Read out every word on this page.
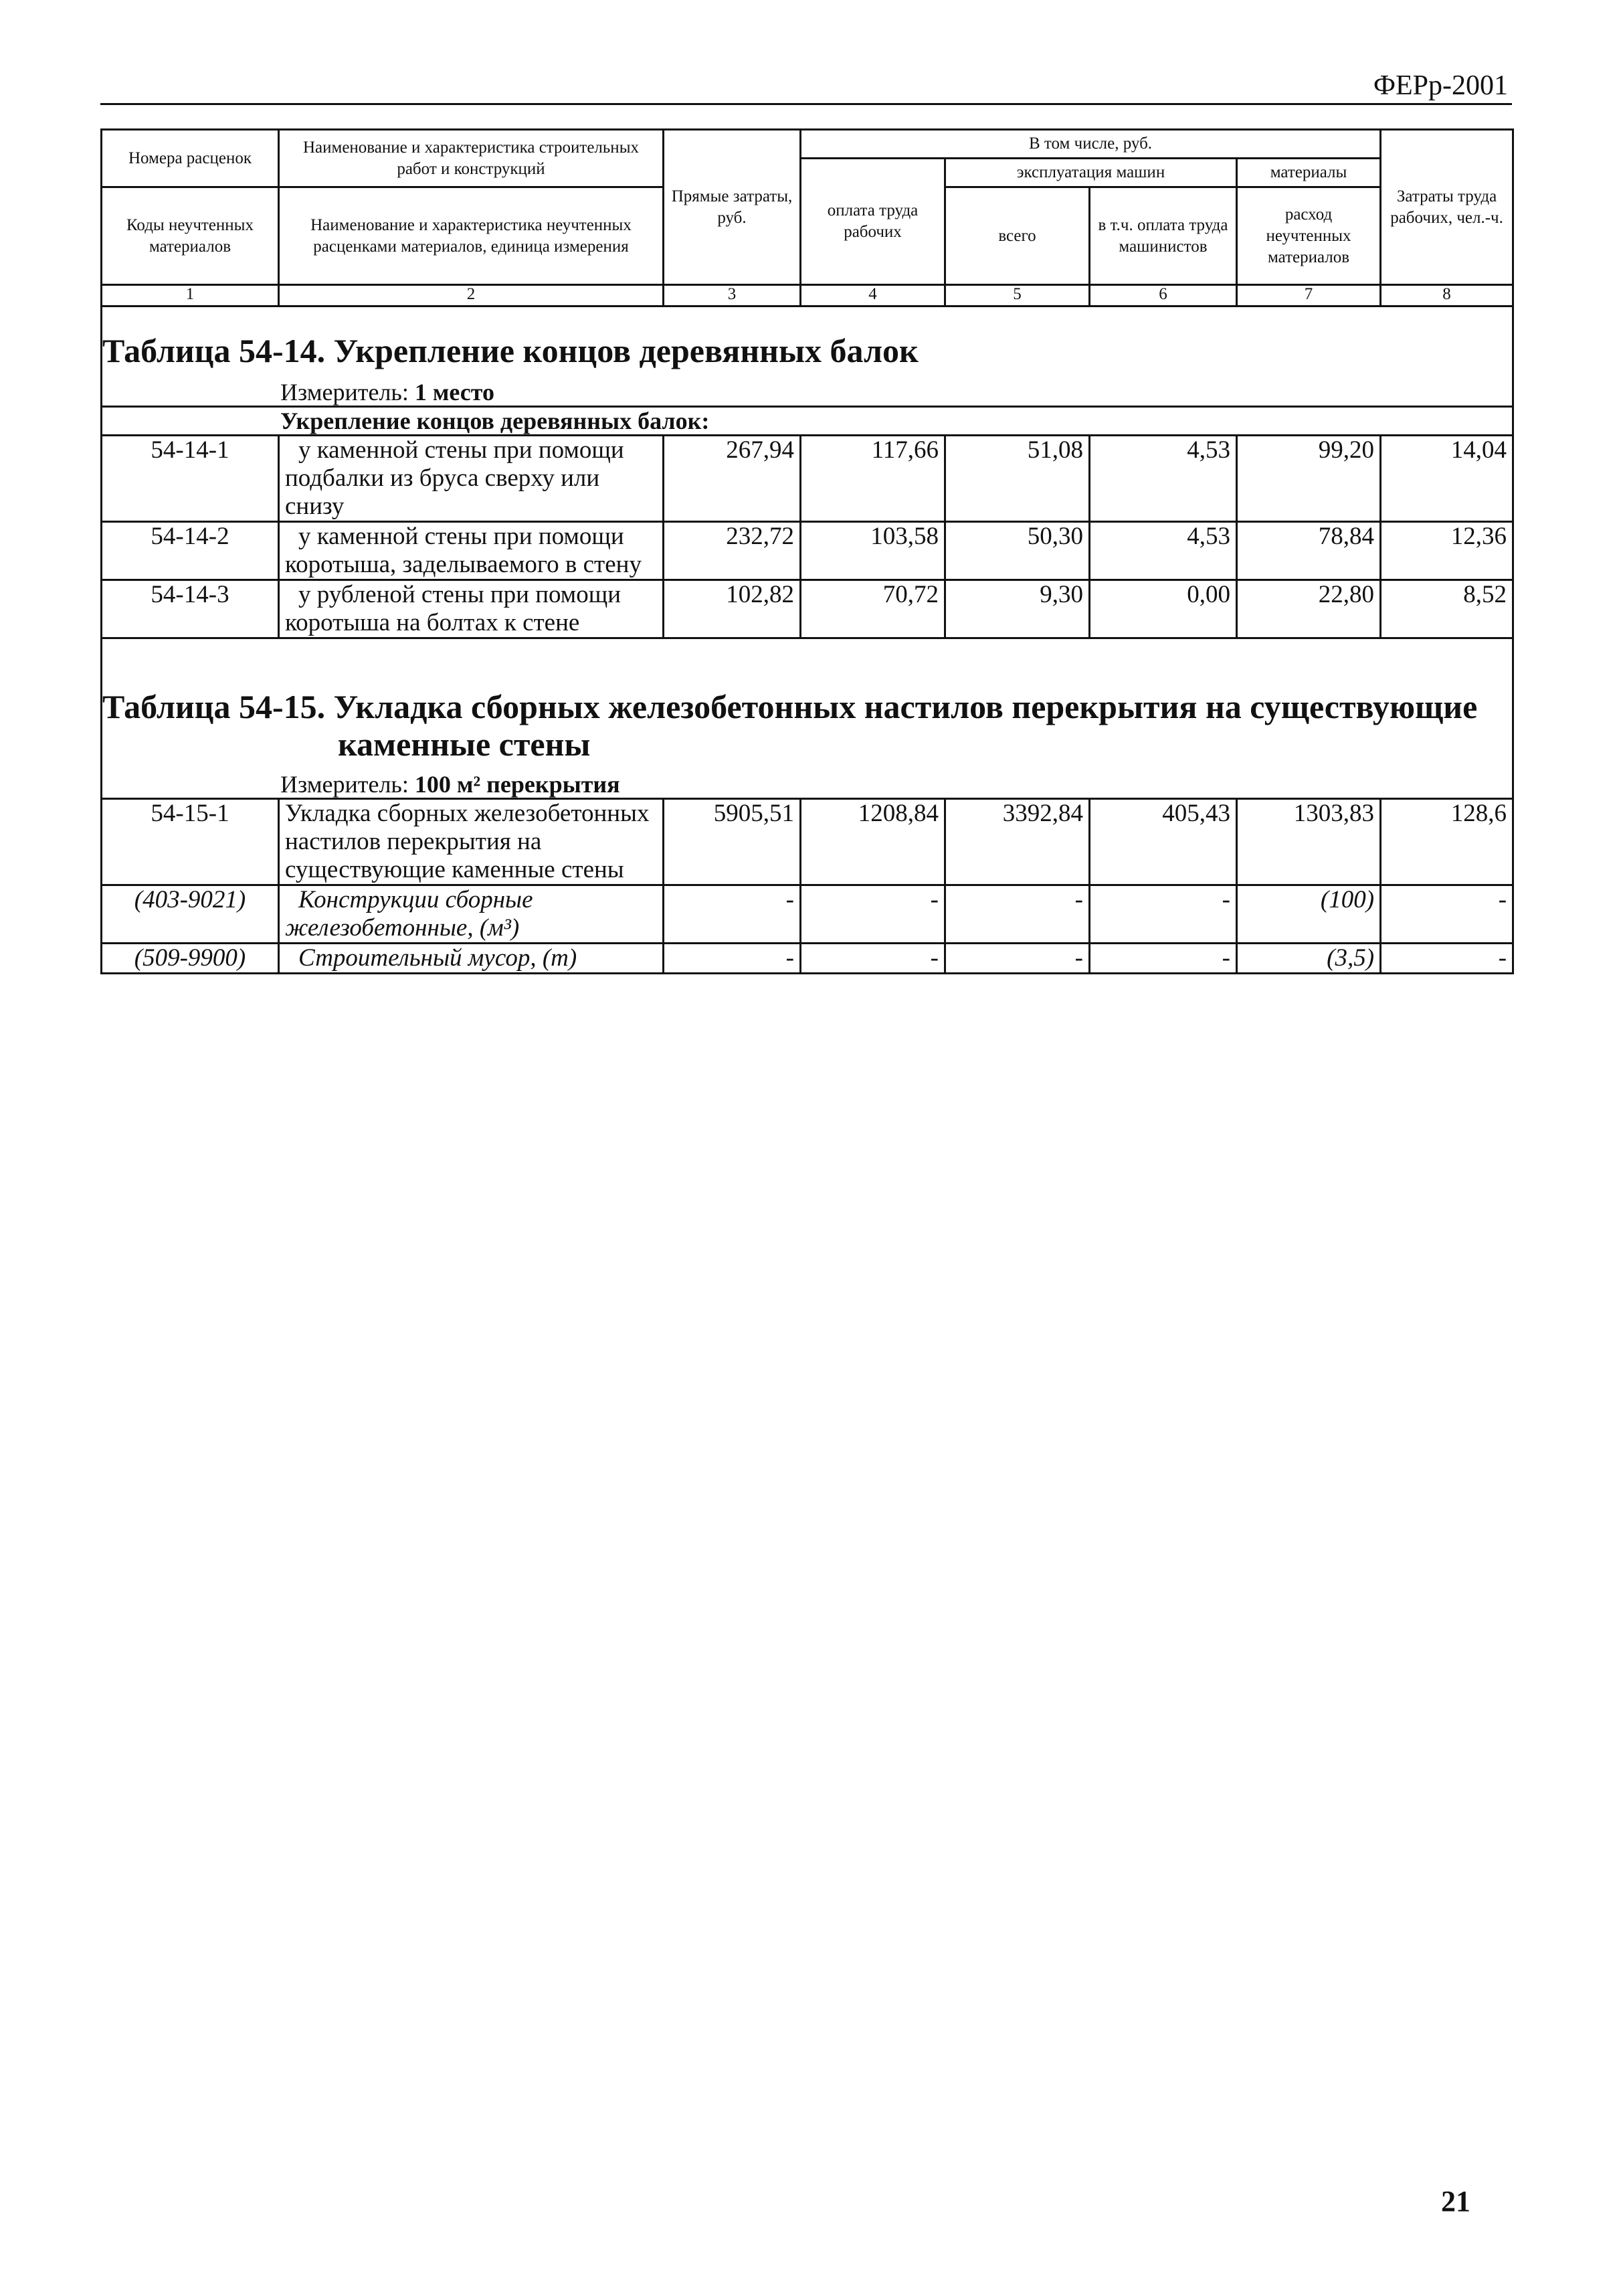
ФЕРр-2001
Номера расценок	Наименование и характеристика строительных работ и конструкций	Прямые затраты, руб.	В том числе, руб.				Затраты труда рабочих, чел.-ч.
			оплата труда рабочих	эксплуатация машин		материалы	
Коды неучтенных материалов	Наименование и характеристика неучтенных расценками материалов, единица измерения			всего	в т.ч. оплата труда машинистов	расход неучтенных материалов	

1	2	3	4	5	6	7	8

Таблица 54-14. Укрепление концов деревянных балок
Измеритель: 1 место							

Укрепление концов деревянных балок:							
54-14-1	у каменной стены при помощи подбалки из бруса сверху или снизу	267,94	117,66	51,08	4,53	99,20	14,04
54-14-2	у каменной стены при помощи коротыша, заделываемого в стену	232,72	103,58	50,30	4,53	78,84	12,36
54-14-3	у рубленой стены при помощи коротыша на болтах к стене	102,82	70,72	9,30	0,00	22,80	8,52

Таблица 54-15. Укладка сборных железобетонных настилов перекрытия на существующие
каменные стены
Измеритель: 100 м² перекрытия							

54-15-1	Укладка сборных железобетонных настилов перекрытия на существующие каменные стены	5905,51	1208,84	3392,84	405,43	1303,83	128,6
(403-9021)	Конструкции сборные железобетонные, (м³)	-	-	-	-	(100)	-
(509-9900)	Строительный мусор, (т)	-	-	-	-	(3,5)	-
21
